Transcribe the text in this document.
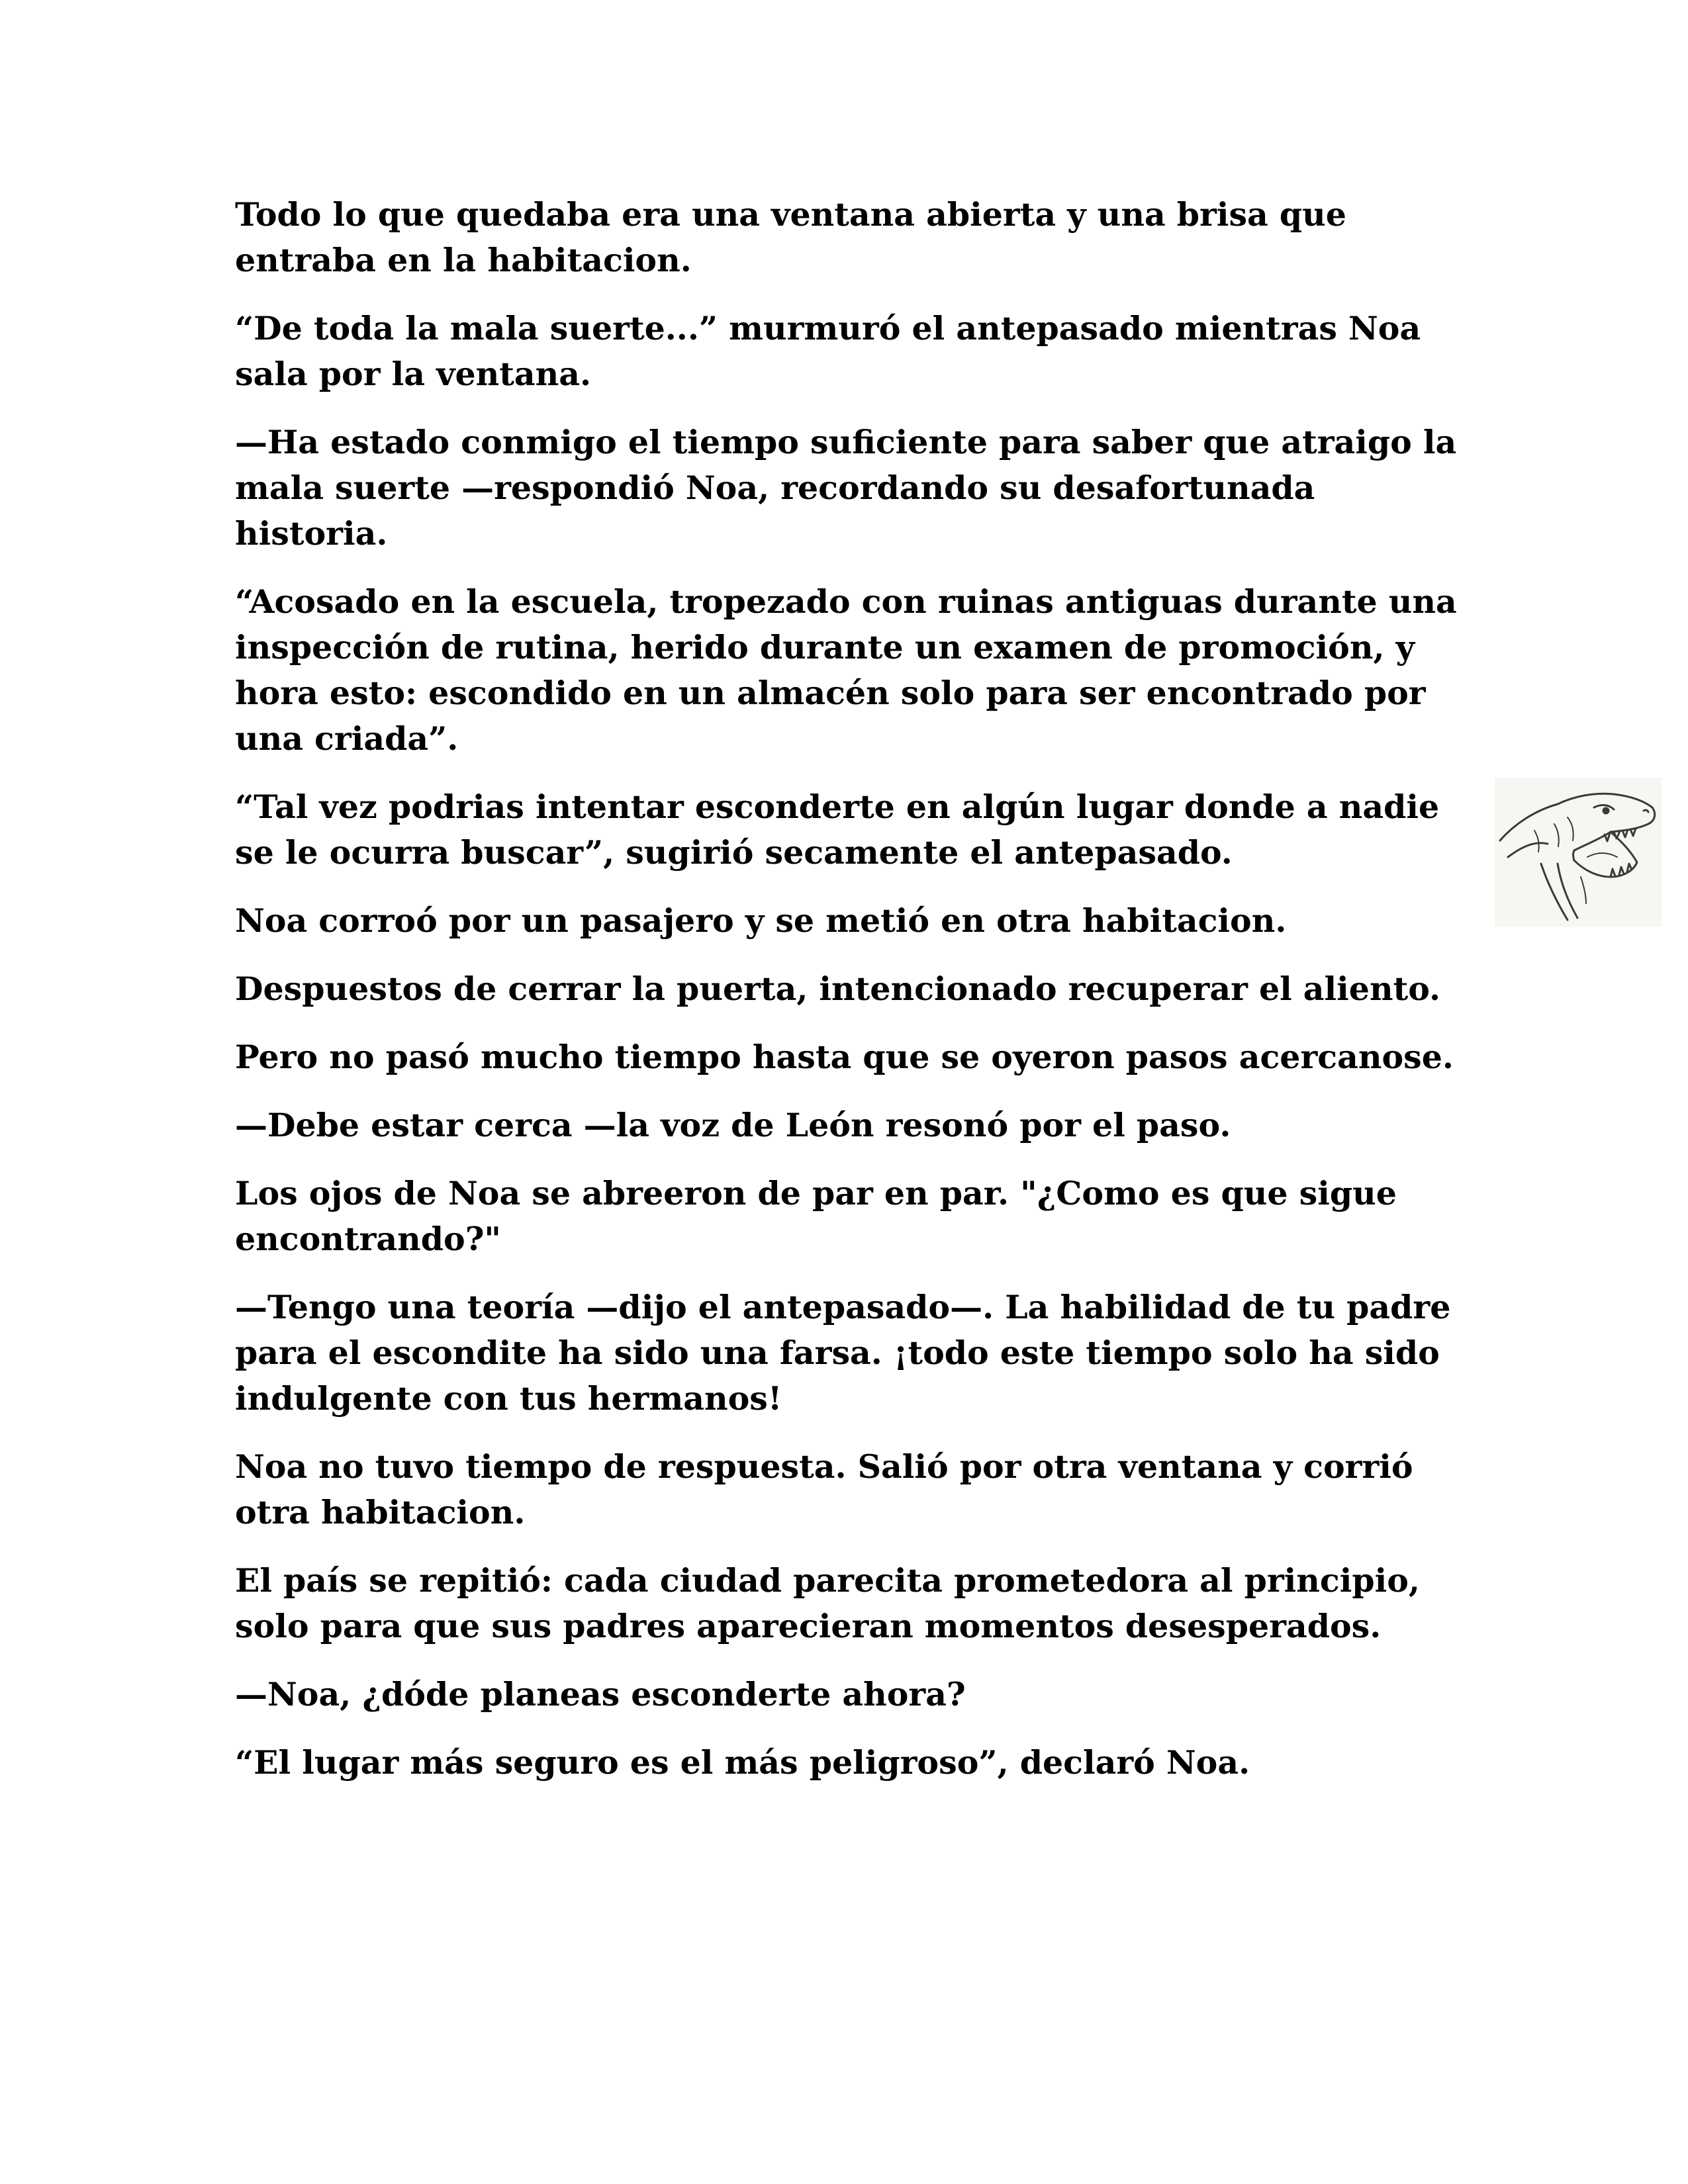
Todo lo que quedaba era una ventana abierta y una brisa que entraba en la habitacion.

“De toda la mala suerte...” murmuró el antepasado mientras Noa sala por la ventana.

—Ha estado conmigo el tiempo suficiente para saber que atraigo la mala suerte —respondió Noa, recordando su desafortunada historia.

“Acosado en la escuela, tropezado con ruinas antiguas durante una inspección de rutina, herido durante un examen de promoción, y hora esto: escondido en un almacén solo para ser encontrado por una criada”.

“Tal vez podrias intentar esconderte en algún lugar donde a nadie se le ocurra buscar”, sugirió secamente el antepasado.

Noa corroó por un pasajero y se metió en otra habitacion.

Despuestos de cerrar la puerta, intencionado recuperar el aliento.

Pero no pasó mucho tiempo hasta que se oyeron pasos acercanose.

—Debe estar cerca —la voz de León resonó por el paso.

Los ojos de Noa se abreeron de par en par. "¿Como es que sigue encontrando?"

—Tengo una teoría —dijo el antepasado—. La habilidad de tu padre para el escondite ha sido una farsa. ¡todo este tiempo solo ha sido indulgente con tus hermanos!

Noa no tuvo tiempo de respuesta. Salió por otra ventana y corrió otra habitacion.

El país se repitió: cada ciudad parecita prometedora al principio, solo para que sus padres aparecieran momentos desesperados.

—Noa, ¿dóde planeas esconderte ahora?

“El lugar más seguro es el más peligroso”, declaró Noa.
